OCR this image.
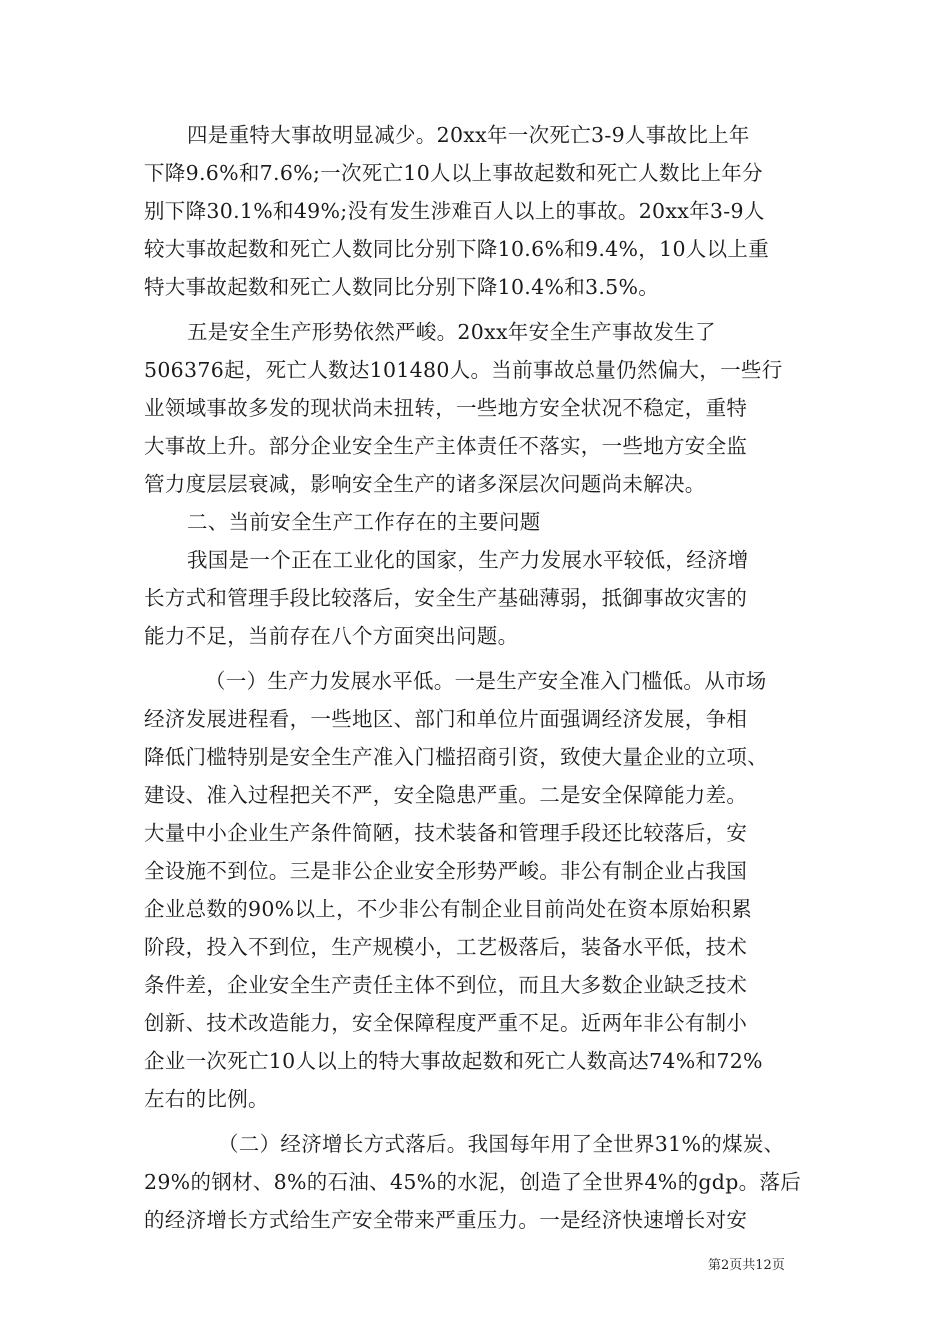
四是重特大事故明显减少。20xx年一次死亡3-9人事故比上年
下降9.6%和7.6%;一次死亡10人以上事故起数和死亡人数比上年分
别下降30.1%和49%;没有发生涉难百人以上的事故。20xx年3-9人
较大事故起数和死亡人数同比分别下降10.6%和9.4%，10人以上重
特大事故起数和死亡人数同比分别下降10.4%和3.5%。
五是安全生产形势依然严峻。20xx年安全生产事故发生了
506376起，死亡人数达101480人。当前事故总量仍然偏大，一些行
业领域事故多发的现状尚未扭转，一些地方安全状况不稳定，重特
大事故上升。部分企业安全生产主体责任不落实，一些地方安全监
管力度层层衰减，影响安全生产的诸多深层次问题尚未解决。
二、当前安全生产工作存在的主要问题
我国是一个正在工业化的国家，生产力发展水平较低，经济增
长方式和管理手段比较落后，安全生产基础薄弱，抵御事故灾害的
能力不足，当前存在八个方面突出问题。
（一）生产力发展水平低。一是生产安全准入门槛低。从市场
经济发展进程看，一些地区、部门和单位片面强调经济发展，争相
降低门槛特别是安全生产准入门槛招商引资，致使大量企业的立项、
建设、准入过程把关不严，安全隐患严重。二是安全保障能力差。
大量中小企业生产条件简陋，技术装备和管理手段还比较落后，安
全设施不到位。三是非公企业安全形势严峻。非公有制企业占我国
企业总数的90%以上，不少非公有制企业目前尚处在资本原始积累
阶段，投入不到位，生产规模小，工艺极落后，装备水平低，技术
条件差，企业安全生产责任主体不到位，而且大多数企业缺乏技术
创新、技术改造能力，安全保障程度严重不足。近两年非公有制小
企业一次死亡10人以上的特大事故起数和死亡人数高达74%和72%
左右的比例。
（二）经济增长方式落后。我国每年用了全世界31%的煤炭、
29%的钢材、8%的石油、45%的水泥，创造了全世界4%的gdp。落后
的经济增长方式给生产安全带来严重压力。一是经济快速增长对安
第2页共12页
